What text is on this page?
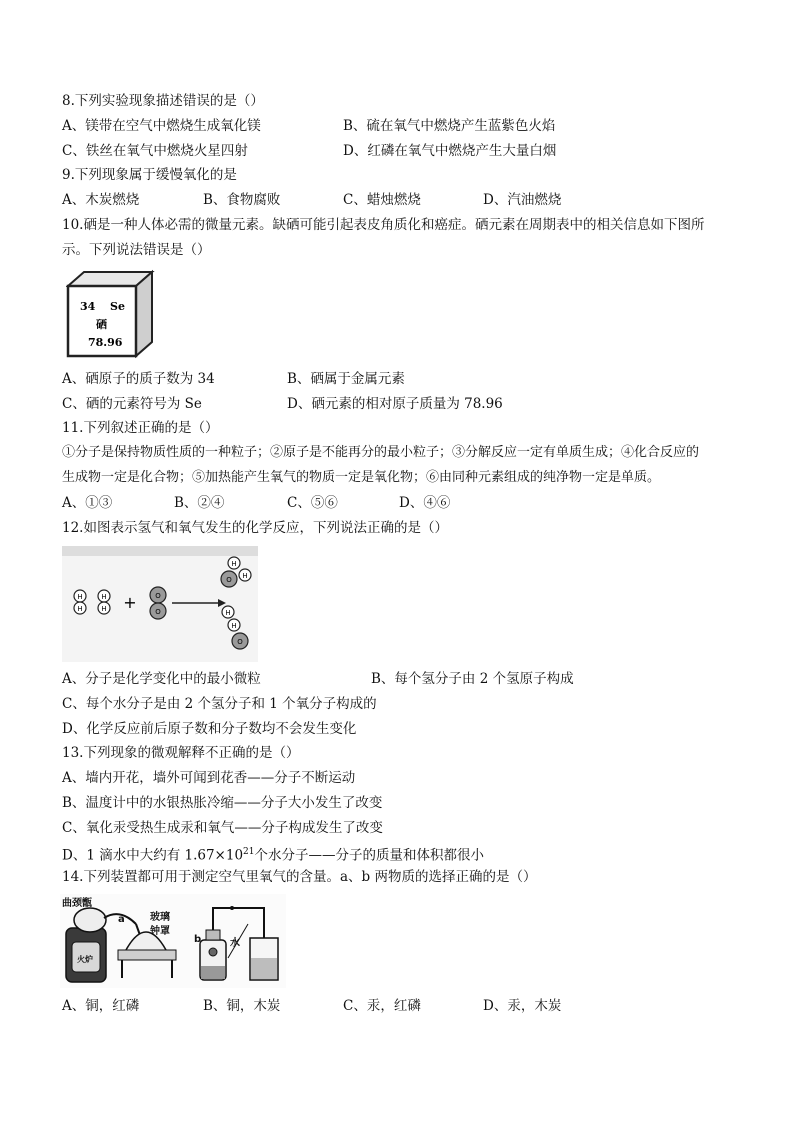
8.下列实验现象描述错误的是（）
A、镁带在空气中燃烧生成氧化镁	B、硫在氧气中燃烧产生蓝紫色火焰
C、铁丝在氧气中燃烧火星四射	D、红磷在氧气中燃烧产生大量白烟
9.下列现象属于缓慢氧化的是
A、木炭燃烧	B、食物腐败	C、蜡烛燃烧	D、汽油燃烧
10.硒是一种人体必需的微量元素。缺硒可能引起表皮角质化和癌症。硒元素在周期表中的相关信息如下图所
示。下列说法错误是（）
34 Se
硒
78.96
A、硒原子的质子数为 34	B、硒属于金属元素
C、硒的元素符号为 Se	D、硒元素的相对原子质量为 78.96
11.下列叙述正确的是（）
①分子是保持物质性质的一种粒子；②原子是不能再分的最小粒子；③分解反应一定有单质生成；④化合反应的
生成物一定是化合物；⑤加热能产生氧气的物质一定是氧化物；⑥由同种元素组成的纯净物一定是单质。
A、①③	B、②④	C、⑤⑥	D、④⑥
12.如图表示氢气和氧气发生的化学反应，下列说法正确的是（）
H
H
H
H +	O
O
H
O H
H
H
O
A、分子是化学变化中的最小微粒	B、每个氢分子由 2 个氢原子构成
C、每个水分子是由 2 个氢分子和 1 个氧分子构成的
D、化学反应前后原子数和分子数均不会发生变化
13.下列现象的微观解释不正确的是（）
A、墙内开花，墙外可闻到花香——分子不断运动
B、温度计中的水银热胀冷缩——分子大小发生了改变
C、氧化汞受热生成汞和氧气——分子构成发生了改变
D、1 滴水中大约有 $1.67\times 10^{21}$个水分子——分子的质量和体积都很小
14.下列装置都可用于测定空气里氧气的含量。a、b 两物质的选择正确的是（）
火炉
曲颈甑
a	玻璃
钟罩
b	水
A、铜，红磷	B、铜，木炭	C、汞，红磷	D、汞，木炭
